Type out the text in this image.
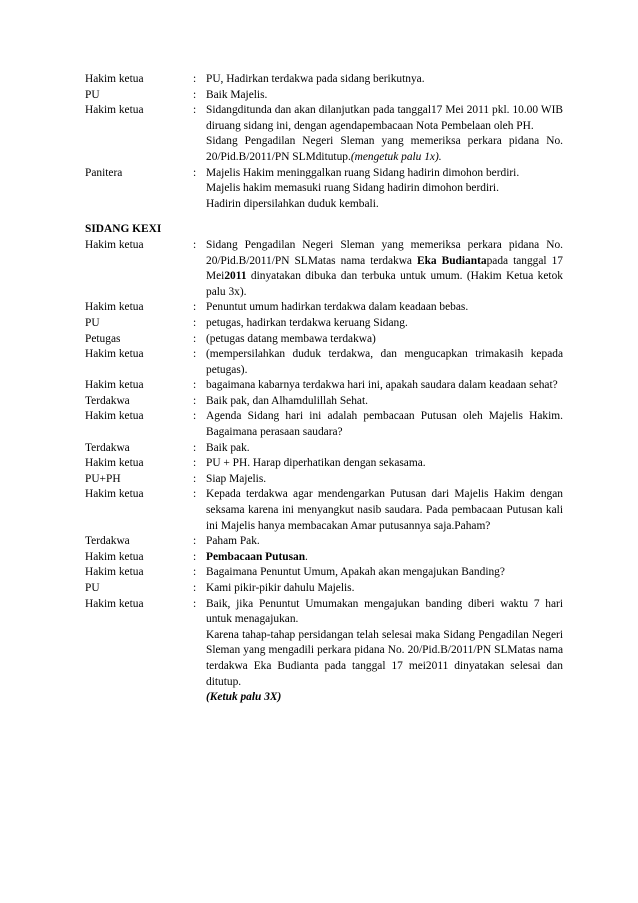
Hakim ketua	: PU, Hadirkan terdakwa pada sidang berikutnya.

PU	: Baik Majelis.

Hakim ketua	: Sidangditunda dan akan dilanjutkan pada tanggal17 Mei 2011 pkl. 10.00 WIB diruang sidang ini, dengan agendapembacaan Nota Pembelaan oleh PH.

Sidang Pengadilan Negeri Sleman yang memeriksa perkara pidana No. 20/Pid.B/2011/PN SLMditutup.(mengetuk palu 1x).

Panitera	: Majelis Hakim meninggalkan ruang Sidang hadirin dimohon berdiri.

Majelis hakim memasuki ruang Sidang hadirin dimohon berdiri.

Hadirin dipersilahkan duduk kembali.

SIDANG KEXI
Hakim ketua	: Sidang Pengadilan Negeri Sleman yang memeriksa perkara pidana No. 20/Pid.B/2011/PN SLMatas nama terdakwa Eka Budiantapada tanggal 17 Mei2011 dinyatakan dibuka dan terbuka untuk umum. (Hakim Ketua ketok palu 3x).

Hakim ketua	: Penuntut umum hadirkan terdakwa dalam keadaan bebas.

PU	: petugas, hadirkan terdakwa keruang Sidang.

Petugas	: (petugas datang membawa terdakwa)

Hakim ketua	: (mempersilahkan duduk terdakwa, dan mengucapkan trimakasih kepada petugas).

Hakim ketua	: bagaimana kabarnya terdakwa hari ini, apakah saudara dalam keadaan sehat?

Terdakwa	: Baik pak, dan Alhamdulillah Sehat.

Hakim ketua	: Agenda Sidang hari ini adalah pembacaan Putusan oleh Majelis Hakim. Bagaimana perasaan saudara?

Terdakwa	: Baik pak.

Hakim ketua	: PU + PH. Harap diperhatikan dengan sekasama.

PU+PH	: Siap Majelis.

Hakim ketua	: Kepada terdakwa agar mendengarkan Putusan dari Majelis Hakim dengan seksama karena ini menyangkut nasib saudara. Pada pembacaan Putusan kali ini Majelis hanya membacakan Amar putusannya saja.Paham?

Terdakwa	: Paham Pak.

Hakim ketua	: Pembacaan Putusan.

Hakim ketua	: Bagaimana Penuntut Umum, Apakah akan mengajukan Banding?

PU	: Kami pikir-pikir dahulu Majelis.

Hakim ketua	: Baik, jika Penuntut Umumakan mengajukan banding diberi waktu 7 hari untuk menagajukan.

Karena tahap-tahap persidangan telah selesai maka Sidang Pengadilan Negeri Sleman yang mengadili perkara pidana No. 20/Pid.B/2011/PN SLMatas nama terdakwa Eka Budianta pada tanggal 17 mei2011 dinyatakan selesai dan ditutup.

(Ketuk palu 3X)
